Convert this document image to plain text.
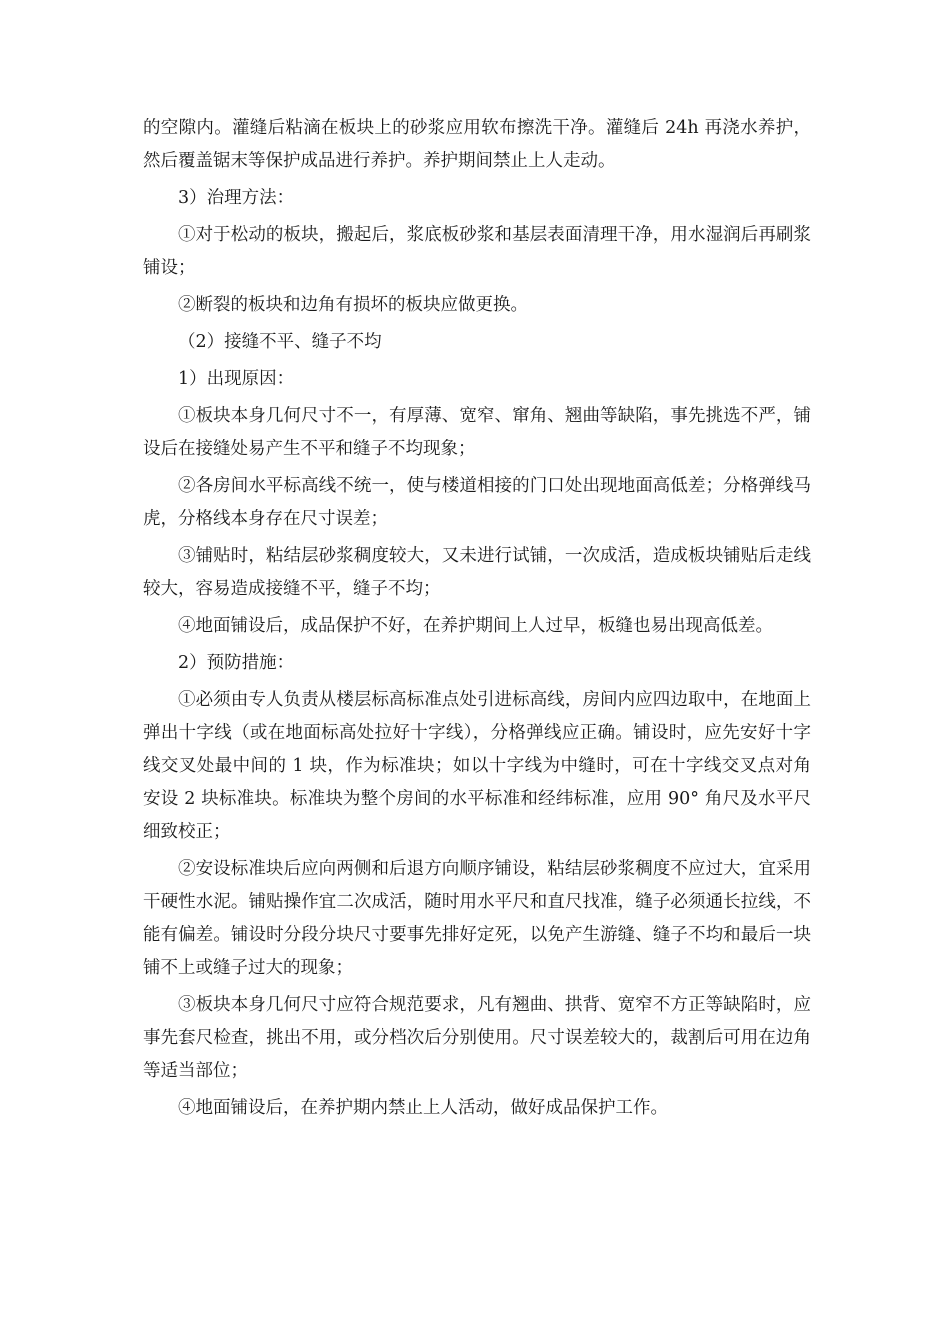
的空隙内。灌缝后粘滴在板块上的砂浆应用软布擦洗干净。灌缝后 24h 再浇水养护，然后覆盖锯末等保护成品进行养护。养护期间禁止上人走动。

3）治理方法：

①对于松动的板块，搬起后，浆底板砂浆和基层表面清理干净，用水湿润后再刷浆铺设；

②断裂的板块和边角有损坏的板块应做更换。

（2）接缝不平、缝子不均

1）出现原因：

①板块本身几何尺寸不一，有厚薄、宽窄、窜角、翘曲等缺陷，事先挑选不严，铺设后在接缝处易产生不平和缝子不均现象；

②各房间水平标高线不统一，使与楼道相接的门口处出现地面高低差；分格弹线马虎，分格线本身存在尺寸误差；

③铺贴时，粘结层砂浆稠度较大，又未进行试铺，一次成活，造成板块铺贴后走线较大，容易造成接缝不平，缝子不均；

④地面铺设后，成品保护不好，在养护期间上人过早，板缝也易出现高低差。

2）预防措施：

①必须由专人负责从楼层标高标准点处引进标高线，房间内应四边取中，在地面上弹出十字线（或在地面标高处拉好十字线），分格弹线应正确。铺设时，应先安好十字线交叉处最中间的 1 块，作为标准块；如以十字线为中缝时，可在十字线交叉点对角安设 2 块标准块。标准块为整个房间的水平标准和经纬标准，应用 90° 角尺及水平尺细致校正；

②安设标准块后应向两侧和后退方向顺序铺设，粘结层砂浆稠度不应过大，宜采用干硬性水泥。铺贴操作宜二次成活，随时用水平尺和直尺找准，缝子必须通长拉线，不能有偏差。铺设时分段分块尺寸要事先排好定死，以免产生游缝、缝子不均和最后一块铺不上或缝子过大的现象；

③板块本身几何尺寸应符合规范要求，凡有翘曲、拱背、宽窄不方正等缺陷时，应事先套尺检查，挑出不用，或分档次后分别使用。尺寸误差较大的，裁割后可用在边角等适当部位；

④地面铺设后，在养护期内禁止上人活动，做好成品保护工作。
